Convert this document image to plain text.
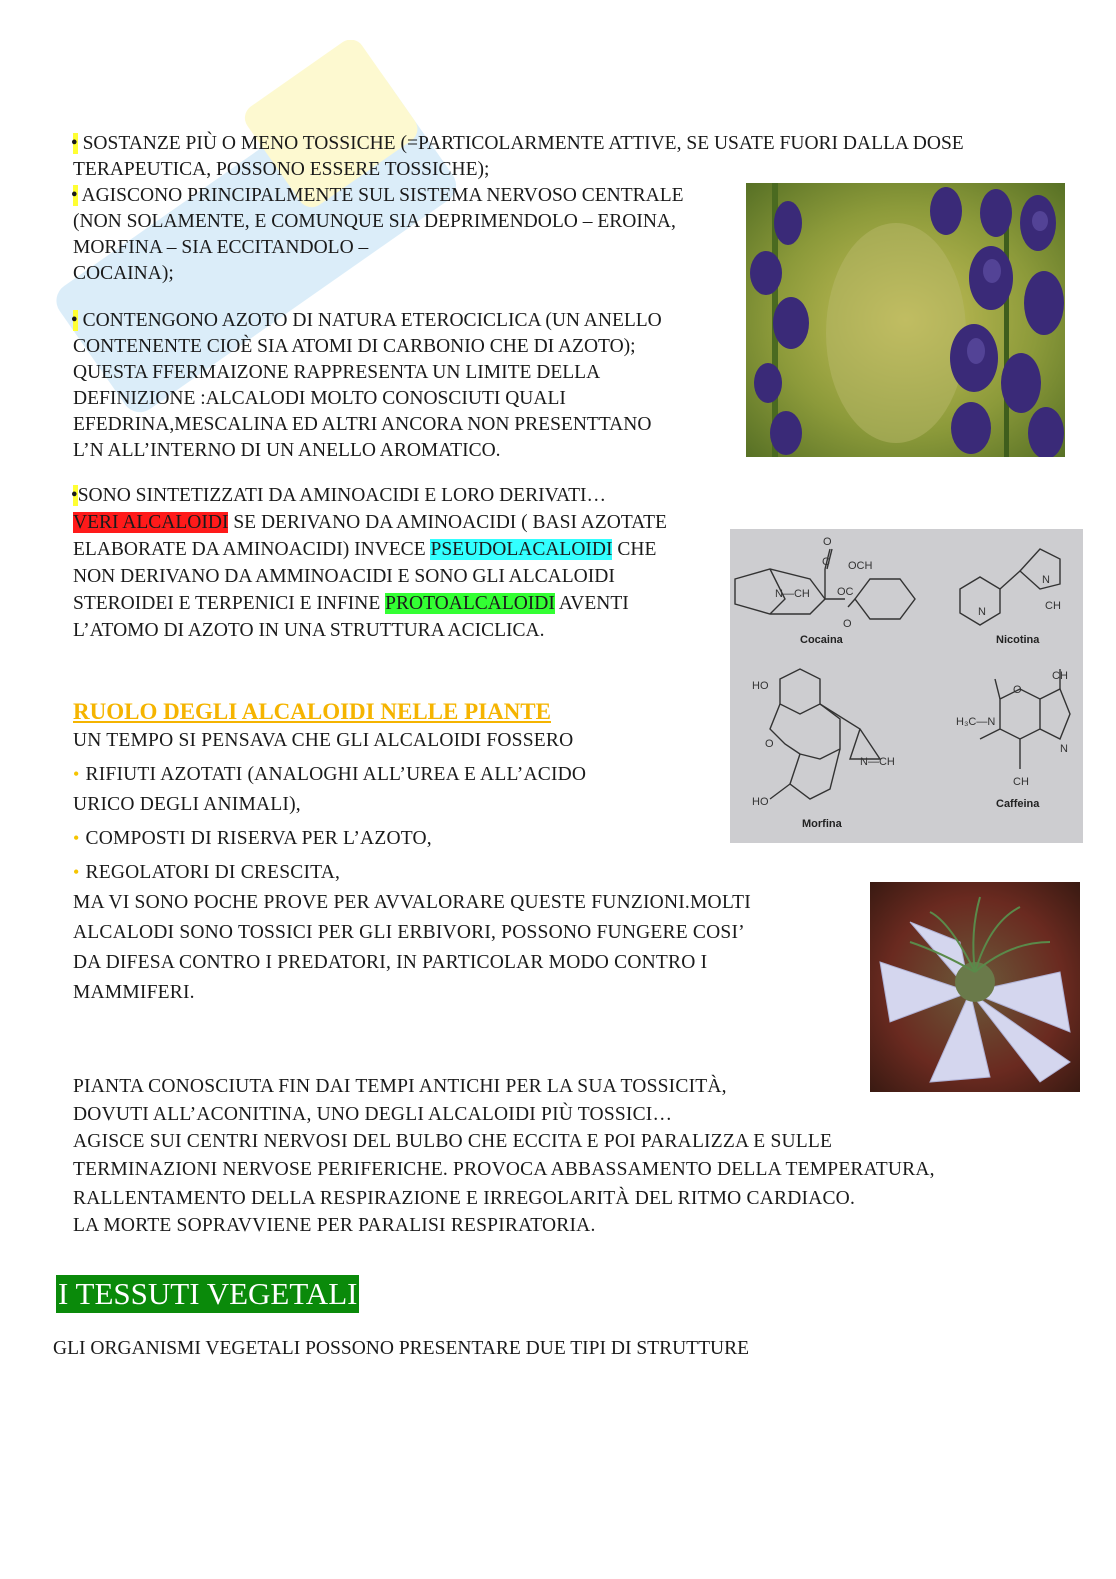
• SOSTANZE PIÙ O MENO TOSSICHE (=PARTICOLARMENTE ATTIVE, SE USATE FUORI DALLA DOSE
TERAPEUTICA, POSSONO ESSERE TOSSICHE);
• AGISCONO PRINCIPALMENTE SUL SISTEMA NERVOSO CENTRALE
(NON SOLAMENTE, E COMUNQUE SIA DEPRIMENDOLO – EROINA,
MORFINA – SIA ECCITANDOLO –
COCAINA);
• CONTENGONO AZOTO DI NATURA ETEROCICLICA (UN ANELLO
CONTENENTE CIOÈ SIA ATOMI DI CARBONIO CHE DI AZOTO);
QUESTA FFERMAIZONE RAPPRESENTA UN LIMITE DELLA
DEFINIZIONE :ALCALODI MOLTO CONOSCIUTI QUALI
EFEDRINA,MESCALINA ED ALTRI ANCORA NON PRESENTTANO
L’N ALL’INTERNO DI UN ANELLO AROMATICO.
•SONO SINTETIZZATI DA AMINOACIDI E LORO DERIVATI…
VERI ALCALOIDI SE DERIVANO DA AMINOACIDI ( BASI AZOTATE
ELABORATE DA AMINOACIDI) INVECE PSEUDOLACALOIDI CHE
NON DERIVANO DA AMMINOACIDI E SONO GLI ALCALOIDI
STEROIDEI E TERPENICI E INFINE PROTOALCALOIDI AVENTI
L’ATOMO DI AZOTO IN UNA STRUTTURA ACICLICA.
RUOLO DEGLI ALCALOIDI NELLE PIANTE
UN TEMPO SI PENSAVA CHE GLI ALCALOIDI FOSSERO
• RIFIUTI AZOTATI (ANALOGHI ALL’UREA E ALL’ACIDO
URICO DEGLI ANIMALI),
• COMPOSTI DI RISERVA PER L’AZOTO,
• REGOLATORI DI CRESCITA,
MA VI SONO POCHE PROVE PER AVVALORARE QUESTE FUNZIONI.MOLTI
ALCALODI SONO TOSSICI PER GLI ERBIVORI, POSSONO FUNGERE COSI’
DA DIFESA CONTRO I PREDATORI, IN PARTICOLAR MODO CONTRO I
MAMMIFERI.
PIANTA CONOSCIUTA FIN DAI TEMPI ANTICHI PER LA SUA TOSSICITÀ,
DOVUTI ALL’ACONITINA, UNO DEGLI ALCALOIDI PIÙ TOSSICI…
AGISCE SUI CENTRI NERVOSI DEL BULBO CHE ECCITA E POI PARALIZZA E SULLE
TERMINAZIONI NERVOSE PERIFERICHE. PROVOCA ABBASSAMENTO DELLA TEMPERATURA,
RALLENTAMENTO DELLA RESPIRAZIONE E IRREGOLARITÀ DEL RITMO CARDIACO.
LA MORTE SOPRAVVIENE PER PARALISI RESPIRATORIA.
I TESSUTI VEGETALI
GLI ORGANISMI VEGETALI POSSONO PRESENTARE DUE TIPI DI STRUTTURE
O
OCH
N—CH OC
C
O
N
N
CH
HO
O
N—CH
HO
H₃C—N
O
CH
N
CH
Cocaina	Nicotina
Morfina
Caffeina
